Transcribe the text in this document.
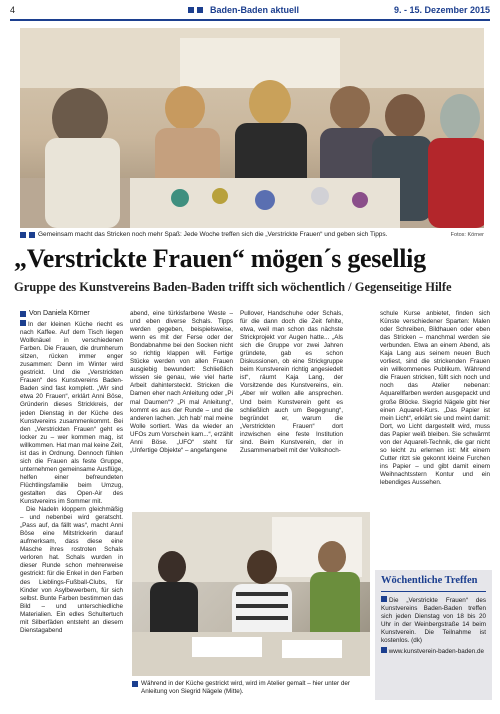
4	Baden-Baden aktuell	9. - 15. Dezember 2015
Gemeinsam macht das Stricken noch mehr Spaß: Jede Woche treffen sich die „Verstrickte Frauen“ und geben sich Tipps.	Fotos: Körner
„Verstrickte Frauen“ mögen´s gesellig
Gruppe des Kunstvereins Baden-Baden trifft sich wöchentlich / Gegenseitige Hilfe
Von Daniela Körner

In der kleinen Küche riecht es nach Kaffee. Auf dem Tisch liegen Wollknäuel in verschiedenen Farben. Die Frauen, die drumherum sitzen, rücken immer enger zusammen: Denn im Winter wird gestrickt. Und die „Verstrickten Frauen“ des Kunstvereins Baden-Baden sind fast komplett. „Wir sind etwa 20 Frauen“, erklärt Anni Böse, Gründerin dieses Strickkreis, der jeden Dienstag in der Küche des Kunstvereins zusammenkommt. Bei den „Verstrickten Frauen“ geht es locker zu – wer kommen mag, ist willkommen. Hat man mal keine Zeit, ist das in Ordnung. Dennoch fühlen sich die Frauen als feste Gruppe, unternehmen gemeinsame Ausflüge, helfen einer befreundeten Flüchtlingsfamilie beim Umzug, gestalten das Open-Air des Kunstvereins im Sommer mit.

Die Nadeln kloppern gleichmäßig – und nebenbei wird geratscht. „Pass auf, da fällt was“, macht Anni Böse eine Mitstrickerin darauf aufmerksam, dass diese eine Masche ihres rostroten Schals verloren hat. Schals wurden in dieser Runde schon mehrerweise gestrickt: für die Enkel in den Farben des Lieblings-Fußball-Clubs, für Kinder von Asylbewerbern, für sich selbst. Bunte Farben bestimmen das Bild – und unterschiedliche Materialien. Ein edles Schultertuch mit Silberfäden entsteht an diesem Dienstagabend

abend, eine türkisfarbene Weste – und eben diverse Schals. Tipps werden gegeben, beispielsweise, wenn es mit der Ferse oder der Bondabnahme bei den Socken nicht so richtig klappen will. Fertige Stücke werden von allen Frauen ausgiebig bewundert: Schließlich wissen sie genau, wie viel harte Arbeit dahintersteckt. Stricken die Damen eher nach Anleitung oder „Pi mal Daumen“? „Pi mal Anleitung“, kommt es aus der Runde – und die anderen lachen. „Ich hab' mal meine Wolle sortiert. Was da wieder an UFOs zum Vorschein kam...“, erzählt Anni Böse. „UFO“ steht für „Unfertige Objekte“ – angefangene

Pullover, Handschuhe oder Schals, für die dann doch die Zeit fehlte, etwa, weil man schon das nächste Strickprojekt vor Augen hatte... „Als sich die Gruppe vor zwei Jahren gründete, gab es schon Diskussionen, ob eine Strickgruppe beim Kunstverein richtig angesiedelt ist“, räumt Kaja Lang, der Vorsitzende des Kunstvereins, ein. „Aber wir wollen alle ansprechen. Und beim Kunstverein geht es schließlich auch um Begegnung“, begründet er, warum die „Verstrickten Frauen“ dort inzwischen eine feste Institution sind. Beim Kunstverein, der in Zusammenarbeit mit der Volkshoch-

schule Kurse anbietet, finden sich Künste verschiedener Sparten: Malen oder Schreiben, Bildhauen oder eben das Stricken – manchmal werden sie verbunden. Etwa an einem Abend, als Kaja Lang aus seinem neuen Buch vorliest, sind die strickenden Frauen ein willkommenes Publikum. Während die Frauen stricken, füllt sich noch und noch das Atelier nebenan: Aquarellfarben werden ausgepackt und große Blöcke. Siegrid Nägele gibt hier einen Aquarell-Kurs. „Das Papier ist mein Licht“, erklärt sie und meint damit: Dort, wo Licht dargestellt wird, muss das Papier weiß bleiben. Sie schwärmt von der Aquarell-Technik, die gar nicht so leicht zu erlernen ist: Mit einem Cutter ritzt sie gekonnt kleine Furchen ins Papier – und gibt damit einem Weihnachtsstern Kontur und ein lebendiges Aussehen.

Während in der Küche gestrickt wird, wird im Atelier gemalt – hier unter der Anleitung von Siegrid Nägele (Mitte).
Wöchentliche Treffen
Die „Verstrickte Frauen“ des Kunstvereins Baden-Baden treffen sich jeden Dienstag von 18 bis 20 Uhr in der Weinbergstraße 14 beim Kunstverein. Die Teilnahme ist kostenlos. (dk)
www.kunstverein-baden-baden.de
